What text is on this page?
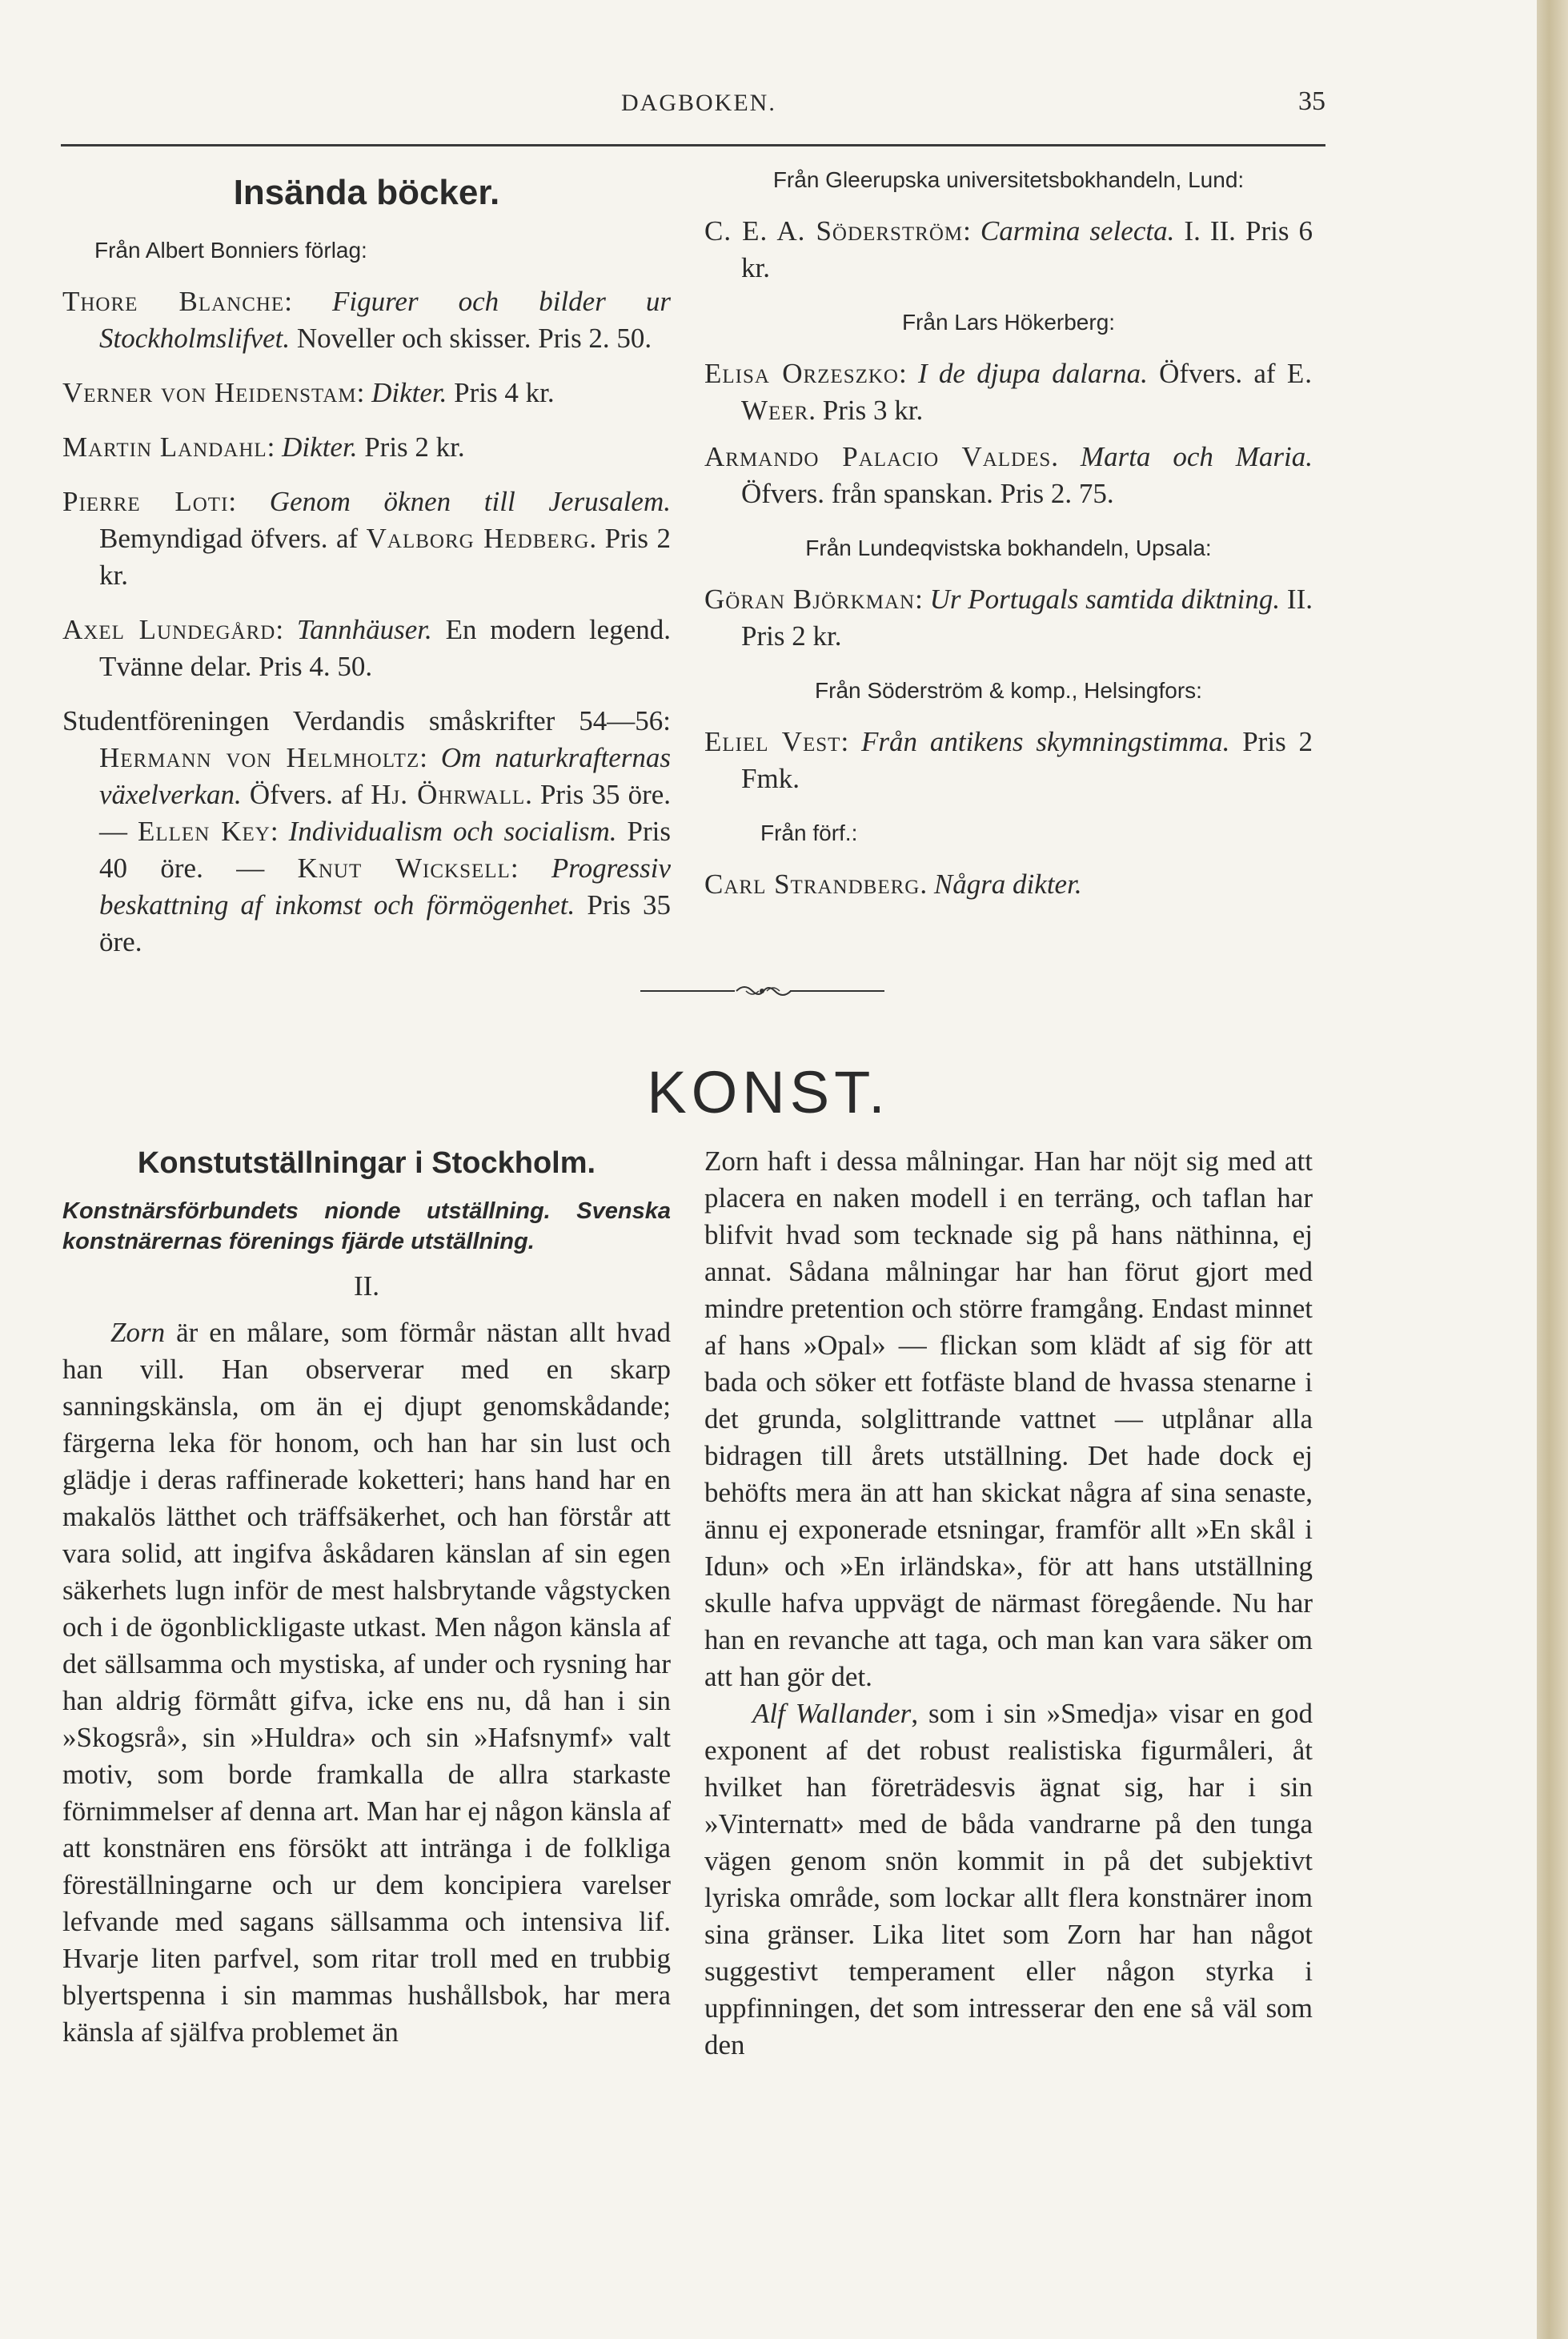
DAGBOKEN.	35
Insända böcker.
Från Albert Bonniers förlag:

Thore Blanche: Figurer och bilder ur Stockholmslifvet. Noveller och skisser. Pris 2. 50.

Verner von Heidenstam: Dikter. Pris 4 kr.

Martin Landahl: Dikter. Pris 2 kr.

Pierre Loti: Genom öknen till Jerusalem. Bemyndigad öfvers. af Valborg Hedberg. Pris 2 kr.

Axel Lundegård: Tannhäuser. En modern legend. Tvänne delar. Pris 4. 50.

Studentföreningen Verdandis småskrifter 54—56: Hermann von Helmholtz: Om naturkrafternas växelverkan. Öfvers. af Hj. Öhrwall. Pris 35 öre. — Ellen Key: Individualism och socialism. Pris 40 öre. — Knut Wicksell: Progressiv beskattning af inkomst och förmögenhet. Pris 35 öre.

Från Gleerupska universitetsbokhandeln, Lund:

C. E. A. Söderström: Carmina selecta. I. II. Pris 6 kr.

Från Lars Hökerberg:

Elisa Orzeszko: I de djupa dalarna. Öfvers. af E. Weer. Pris 3 kr.

Armando Palacio Valdes. Marta och Maria. Öfvers. från spanskan. Pris 2. 75.

Från Lundeqvistska bokhandeln, Upsala:

Göran Björkman: Ur Portugals samtida diktning. II. Pris 2 kr.

Från Söderström & komp., Helsingfors:

Eliel Vest: Från antikens skymningstimma. Pris 2 Fmk.

Från förf.:

Carl Strandberg. Några dikter.

KONST.
Konstutställningar i Stockholm.
Konstnärsförbundets nionde utställning. Svenska konstnärernas förenings fjärde utställning.
II.

Zorn är en målare, som förmår nästan allt hvad han vill. Han observerar med en skarp sanningskänsla, om än ej djupt genomskådande; färgerna leka för honom, och han har sin lust och glädje i deras raffinerade koketteri; hans hand har en makalös lätthet och träffsäkerhet, och han förstår att vara solid, att ingifva åskådaren känslan af sin egen säkerhets lugn inför de mest halsbrytande vågstycken och i de ögonblickligaste utkast. Men någon känsla af det sällsamma och mystiska, af under och rysning har han aldrig förmått gifva, icke ens nu, då han i sin »Skogsrå», sin »Huldra» och sin »Hafsnymf» valt motiv, som borde framkalla de allra starkaste förnimmelser af denna art. Man har ej någon känsla af att konstnären ens försökt att intränga i de folkliga föreställningarne och ur dem koncipiera varelser lefvande med sagans sällsamma och intensiva lif. Hvarje liten parfvel, som ritar troll med en trubbig blyertspenna i sin mammas hushållsbok, har mera känsla af själfva problemet än

Zorn haft i dessa målningar. Han har nöjt sig med att placera en naken modell i en terräng, och taflan har blifvit hvad som tecknade sig på hans näthinna, ej annat. Sådana målningar har han förut gjort med mindre pretention och större framgång. Endast minnet af hans »Opal» — flickan som klädt af sig för att bada och söker ett fotfäste bland de hvassa stenarne i det grunda, solglittrande vattnet — utplånar alla bidragen till årets utställning. Det hade dock ej behöfts mera än att han skickat några af sina senaste, ännu ej exponerade etsningar, framför allt »En skål i Idun» och »En irländska», för att hans utställning skulle hafva uppvägt de närmast föregående. Nu har han en revanche att taga, och man kan vara säker om att han gör det.

Alf Wallander, som i sin »Smedja» visar en god exponent af det robust realistiska figurmåleri, åt hvilket han företrädesvis ägnat sig, har i sin »Vinternatt» med de båda vandrarne på den tunga vägen genom snön kommit in på det subjektivt lyriska område, som lockar allt flera konstnärer inom sina gränser. Lika litet som Zorn har han något suggestivt temperament eller någon styrka i uppfinningen, det som intresserar den ene så väl som den
